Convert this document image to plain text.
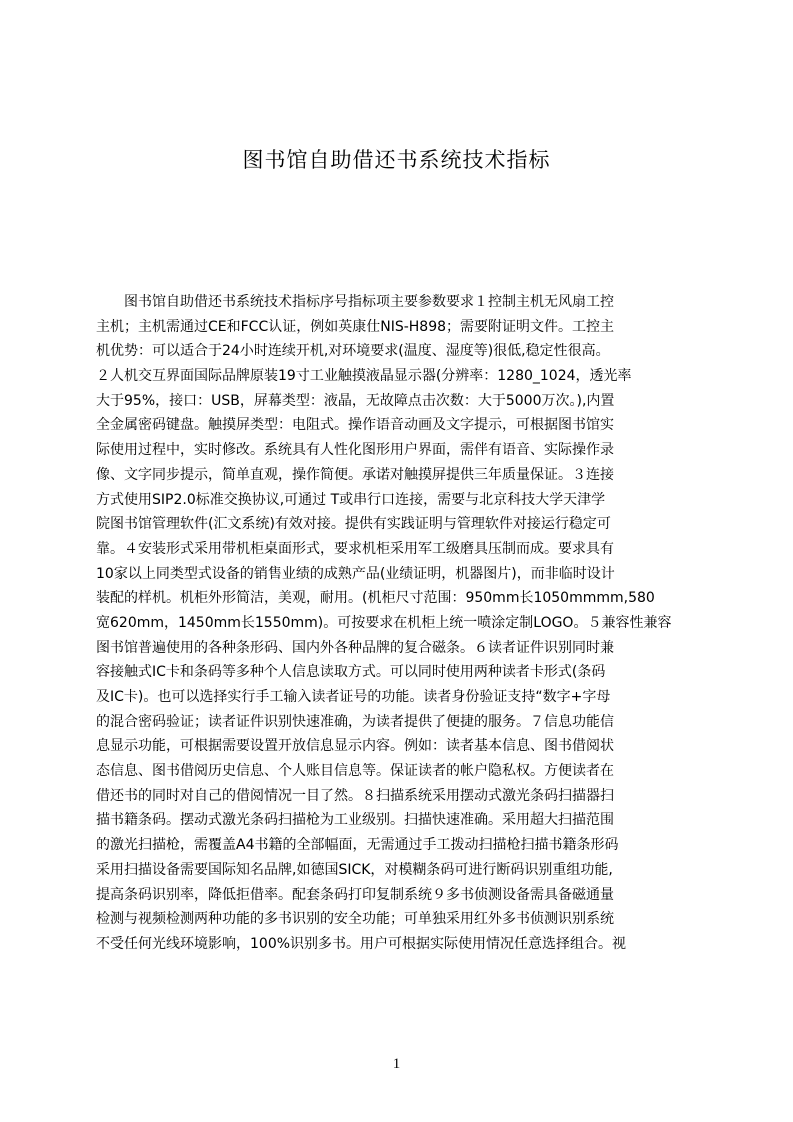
图书馆自助借还书系统技术指标
　　图书馆自助借还书系统技术指标序号指标项主要参数要求１控制主机无风扇工控
主机；主机需通过CE和FCC认证，例如英康仕NIS-H898；需要附证明文件。工控主
机优势：可以适合于24小时连续开机,对环境要求(温度、湿度等)很低,稳定性很高。
２人机交互界面国际品牌原装19寸工业触摸液晶显示器(分辨率：1280_1024，透光率
大于95%，接口：USB，屏幕类型：液晶，无故障点击次数：大于5000万次。),内置
全金属密码键盘。触摸屏类型：电阻式。操作语音动画及文字提示，可根据图书馆实
际使用过程中，实时修改。系统具有人性化图形用户界面，需伴有语音、实际操作录
像、文字同步提示，简单直观，操作简便。承诺对触摸屏提供三年质量保证。３连接
方式使用SIP2.0标准交换协议,可通过 T或串行口连接，需要与北京科技大学天津学
院图书馆管理软件(汇文系统)有效对接。提供有实践证明与管理软件对接运行稳定可
靠。４安装形式采用带机柜桌面形式，要求机柜采用军工级磨具压制而成。要求具有
10家以上同类型式设备的销售业绩的成熟产品(业绩证明，机器图片)，而非临时设计
装配的样机。机柜外形简洁，美观，耐用。(机柜尺寸范围：950mm长1050mmmm,580
宽620mm，1450mm长1550mm)。可按要求在机柜上统一喷涂定制LOGO。５兼容性兼容
图书馆普遍使用的各种条形码、国内外各种品牌的复合磁条。６读者证件识别同时兼
容接触式IC卡和条码等多种个人信息读取方式。可以同时使用两种读者卡形式(条码
及IC卡)。也可以选择实行手工输入读者证号的功能。读者身份验证支持“数字+字母
的混合密码验证；读者证件识别快速准确，为读者提供了便捷的服务。７信息功能信
息显示功能，可根据需要设置开放信息显示内容。例如：读者基本信息、图书借阅状
态信息、图书借阅历史信息、个人账目信息等。保证读者的帐户隐私权。方便读者在
借还书的同时对自己的借阅情况一目了然。８扫描系统采用摆动式激光条码扫描器扫
描书籍条码。摆动式激光条码扫描枪为工业级别。扫描快速准确。采用超大扫描范围
的激光扫描枪，需覆盖A4书籍的全部幅面，无需通过手工拨动扫描枪扫描书籍条形码
采用扫描设备需要国际知名品牌,如德国SICK，对模糊条码可进行断码识别重组功能,
提高条码识别率，降低拒借率。配套条码打印复制系统９多书侦测设备需具备磁通量
检测与视频检测两种功能的多书识别的安全功能；可单独采用红外多书侦测识别系统
不受任何光线环境影响，100%识别多书。用户可根据实际使用情况任意选择组合。视
1
